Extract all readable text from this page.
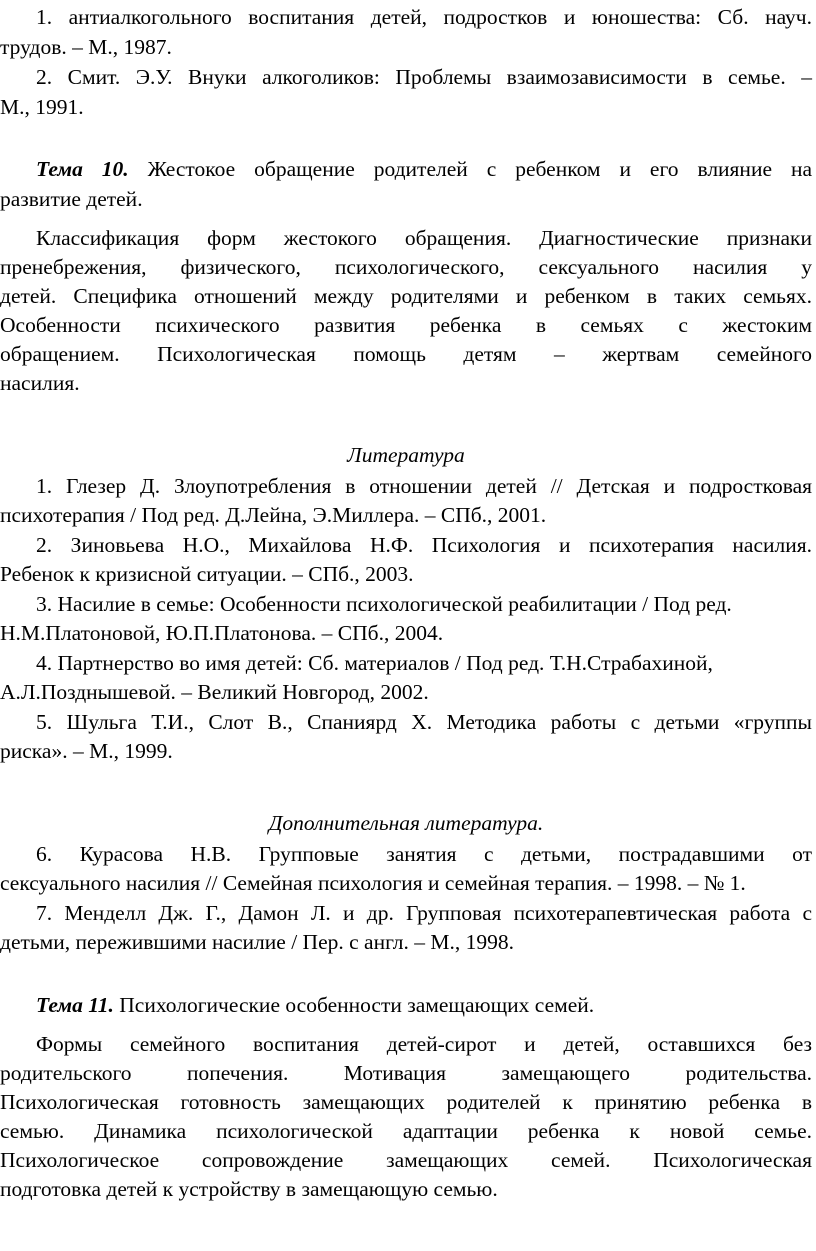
1. антиалкогольного воспитания детей, подростков и юношества: Сб. науч.
трудов. – М., 1987.
2. Смит. Э.У. Внуки алкоголиков: Проблемы взаимозависимости в семье. –
М., 1991.
Тема 10. Жестокое обращение родителей с ребенком и его влияние на
развитие детей.
Классификация форм жестокого обращения. Диагностические признаки
пренебрежения, физического, психологического, сексуального насилия у
детей. Специфика отношений между родителями и ребенком в таких семьях.
Особенности психического развития ребенка в семьях с жестоким
обращением. Психологическая помощь детям – жертвам семейного
насилия.
Литература
1. Глезер Д. Злоупотребления в отношении детей // Детская и подростковая
психотерапия / Под ред. Д.Лейна, Э.Миллера. – СПб., 2001.
2. Зиновьева Н.О., Михайлова Н.Ф. Психология и психотерапия насилия.
Ребенок к кризисной ситуации. – СПб., 2003.
3. Насилие в семье: Особенности психологической реабилитации / Под ред.
Н.М.Платоновой, Ю.П.Платонова. – СПб., 2004.
4. Партнерство во имя детей: Сб. материалов / Под ред. Т.Н.Страбахиной,
А.Л.Позднышевой. – Великий Новгород, 2002.
5. Шульга Т.И., Слот В., Спаниярд Х. Методика работы с детьми «группы
риска». – М., 1999.
Дополнительная литература.
6. Курасова Н.В. Групповые занятия с детьми, пострадавшими от
сексуального насилия // Семейная психология и семейная терапия. – 1998. – № 1.
7. Менделл Дж. Г., Дамон Л. и др. Групповая психотерапевтическая работа с
детьми, пережившими насилие / Пер. с англ. – М., 1998.
Тема 11. Психологические особенности замещающих семей.
Формы семейного воспитания детей-сирот и детей, оставшихся без
родительского попечения. Мотивация замещающего родительства.
Психологическая готовность замещающих родителей к принятию ребенка в
семью. Динамика психологической адаптации ребенка к новой семье.
Психологическое сопровождение замещающих семей. Психологическая
подготовка детей к устройству в замещающую семью.
